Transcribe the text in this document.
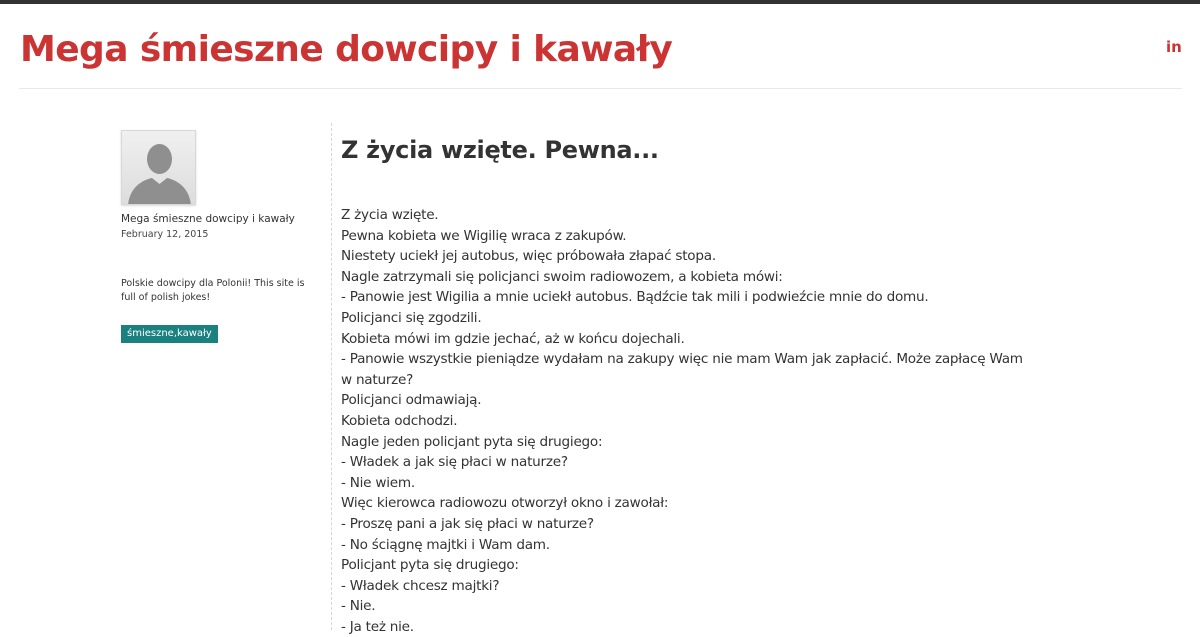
Mega śmieszne dowcipy i kawały	in
Mega śmieszne dowcipy i kawały
February 12, 2015
Polskie dowcipy dla Polonii! This site is full of polish jokes!
śmieszne,kawały
Z życia wzięte. Pewna...
Z życia wzięte.
Pewna kobieta we Wigilię wraca z zakupów.
Niestety uciekł jej autobus, więc próbowała złapać stopa.
Nagle zatrzymali się policjanci swoim radiowozem, a kobieta mówi:
- Panowie jest Wigilia a mnie uciekł autobus. Bądźcie tak mili i podwieźcie mnie do domu.
Policjanci się zgodzili.
Kobieta mówi im gdzie jechać, aż w końcu dojechali.
- Panowie wszystkie pieniądze wydałam na zakupy więc nie mam Wam jak zapłacić. Może zapłacę Wam
w naturze?
Policjanci odmawiają.
Kobieta odchodzi.
Nagle jeden policjant pyta się drugiego:
- Władek a jak się płaci w naturze?
- Nie wiem.
Więc kierowca radiowozu otworzył okno i zawołał:
- Proszę pani a jak się płaci w naturze?
- No ściągnę majtki i Wam dam.
Policjant pyta się drugiego:
- Władek chcesz majtki?
- Nie.
- Ja też nie.
